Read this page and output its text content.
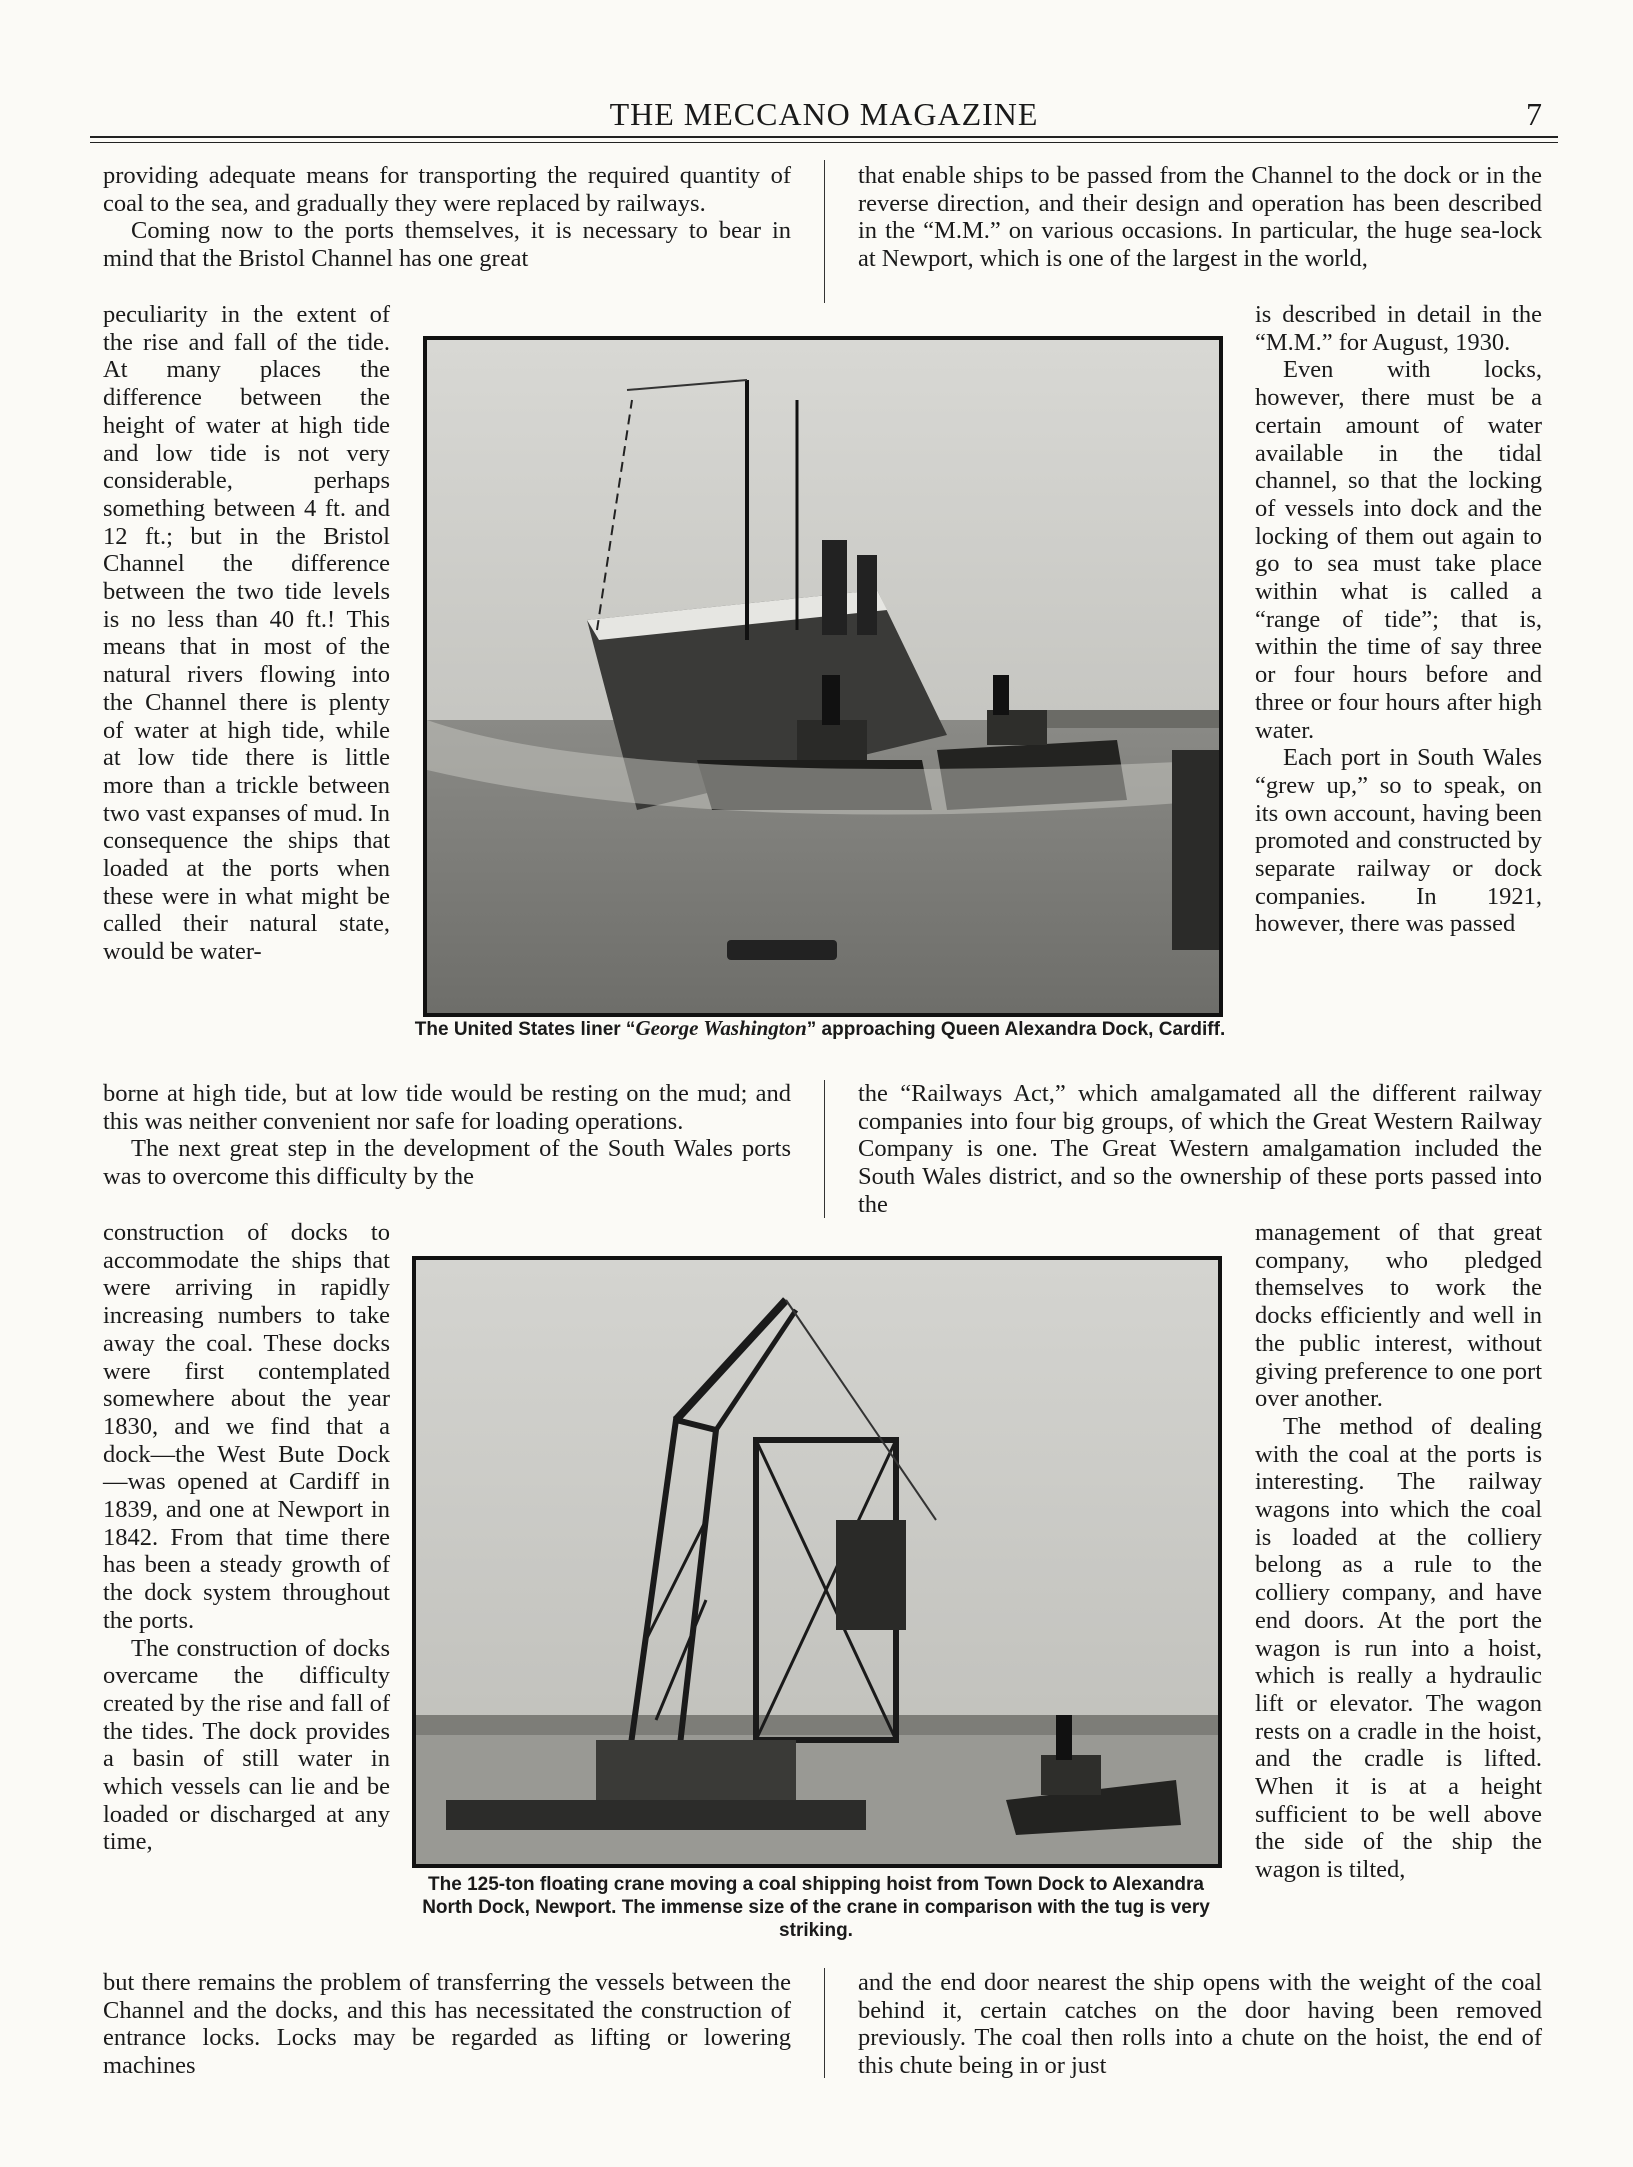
THE MECCANO MAGAZINE	7

providing adequate means for transporting the required quantity of coal to the sea, and gradually they were replaced by railways.

Coming now to the ports themselves, it is necessary to bear in mind that the Bristol Channel has one great

peculiarity in the extent of the rise and fall of the tide. At many places the difference between the height of water at high tide and low tide is not very considerable, perhaps something between 4 ft. and 12 ft.; but in the Bristol Channel the difference between the two tide levels is no less than 40 ft.! This means that in most of the natural rivers flowing into the Channel there is plenty of water at high tide, while at low tide there is little more than a trickle between two vast expanses of mud. In consequence the ships that loaded at the ports when these were in what might be called their natural state, would be water-

borne at high tide, but at low tide would be resting on the mud; and this was neither convenient nor safe for loading operations.

The next great step in the development of the South Wales ports was to overcome this difficulty by the

construction of docks to accommodate the ships that were arriving in rapidly increasing numbers to take away the coal. These docks were first contemplated somewhere about the year 1830, and we find that a dock—the West Bute Dock—was opened at Cardiff in 1839, and one at Newport in 1842. From that time there has been a steady growth of the dock system throughout the ports.

The construction of docks overcame the difficulty created by the rise and fall of the tides. The dock provides a basin of still water in which vessels can lie and be loaded or discharged at any time,

but there remains the problem of transferring the vessels between the Channel and the docks, and this has necessitated the construction of entrance locks. Locks may be regarded as lifting or lowering machines

that enable ships to be passed from the Channel to the dock or in the reverse direction, and their design and operation has been described in the “M.M.” on various occasions. In particular, the huge sea-lock at Newport, which is one of the largest in the world,

is described in detail in the “M.M.” for August, 1930.

Even with locks, however, there must be a certain amount of water available in the tidal channel, so that the locking of vessels into dock and the locking of them out again to go to sea must take place within what is called a “range of tide”; that is, within the time of say three or four hours before and three or four hours after high water.

Each port in South Wales “grew up,” so to speak, on its own account, having been promoted and constructed by separate railway or dock companies. In 1921, however, there was passed

the “Railways Act,” which amalgamated all the different railway companies into four big groups, of which the Great Western Railway Company is one. The Great Western amalgamation included the South Wales district, and so the ownership of these ports passed into the

management of that great company, who pledged themselves to work the docks efficiently and well in the public interest, without giving preference to one port over another.

The method of dealing with the coal at the ports is interesting. The railway wagons into which the coal is loaded at the colliery belong as a rule to the colliery company, and have end doors. At the port the wagon is run into a hoist, which is really a hydraulic lift or elevator. The wagon rests on a cradle in the hoist, and the cradle is lifted. When it is at a height sufficient to be well above the side of the ship the wagon is tilted,

and the end door nearest the ship opens with the weight of the coal behind it, certain catches on the door having been removed previously. The coal then rolls into a chute on the hoist, the end of this chute being in or just

The United States liner “George Washington” approaching Queen Alexandra Dock, Cardiff.
The 125-ton floating crane moving a coal shipping hoist from Town Dock to Alexandra North Dock, Newport. The immense size of the crane in comparison with the tug is very striking.
